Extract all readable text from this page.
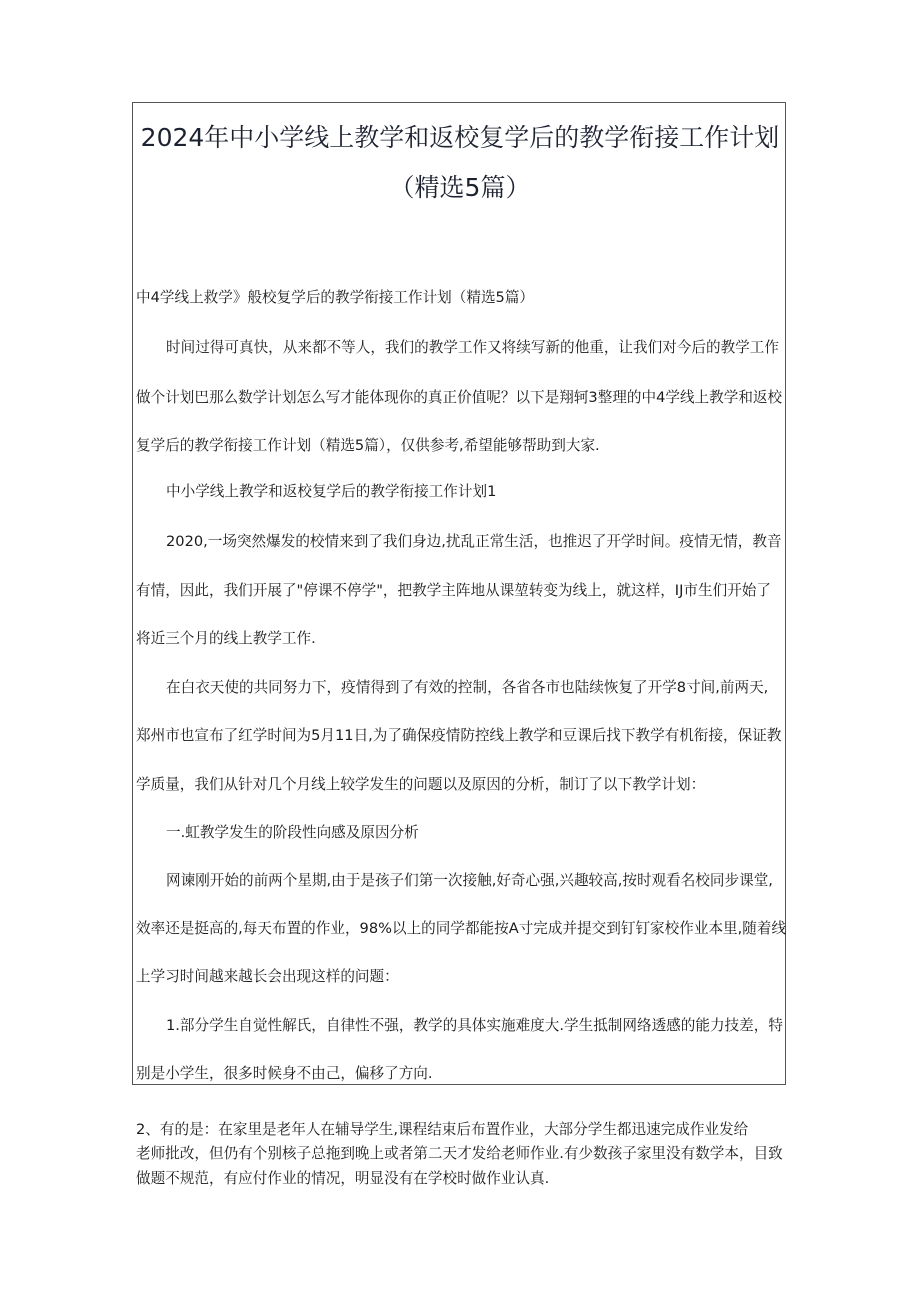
2024年中小学线上教学和返校复学后的教学衔接工作计划
（精选5篇）
中4学线上救学》般校复学后的教学衔接工作计划（精选5篇）
时间过得可真快，从来都不等人，我们的教学工作又将续写新的他重，让我们对今后的教学工作
做个计划巴那么数学计划怎么写才能体现你的真正价值呢？以下是翔轲3整理的中4学线上教学和返校
复学后的教学衔接工作计划（精选5篇），仅供参考,希望能够帮助到大家.
中小学线上教学和返校复学后的教学衔接工作计划1
2020,一场突然爆发的校情来到了我们身边,扰乱正常生活，也推迟了开学时间。疫情无情，教音
有情，因此，我们开展了"停课不停学"，把教学主阵地从课堃转变为线上，就这样，IJ市生们开始了
将近三个月的线上教学工作.
在白衣天使的共同努力下，疫情得到了有效的控制，各省各市也陆续恢复了开学8寸间,前两天,
郑州市也宣布了红学时间为5月11日,为了确保疫情防控线上教学和豆课后找下教学有机衔接，保证教
学质量，我们从针对几个月线上较学发生的问题以及原因的分析，制订了以下教学计划：
一.虹教学发生的阶段性向感及原因分析
网谏刚开始的前两个星期,由于是孩子们第一次接触,好奇心强,兴趣较高,按时观看名校同步课堂,
效率还是挺高的,每天布置的作业，98%以上的同学都能按A寸完成并提交到钉钉家校作业本里,随着线
上学习时间越来越长会出现这样的问题：
1.部分学生自觉性解氏，自律性不强，教学的具体实施难度大.学生抵制网络透感的能力技差，特
别是小学生，很多时候身不由己，偏移了方向.
2、有的是：在家里是老年人在辅导学生,课程结束后布置作业，大部分学生都迅速完成作业发给
老师批改，但仍有个别核子总拖到晚上或者第二天才发给老师作业.有少数孩子家里没有数学本，目致
做题不规范，有应付作业的情况，明显没有在学校时做作业认真.
